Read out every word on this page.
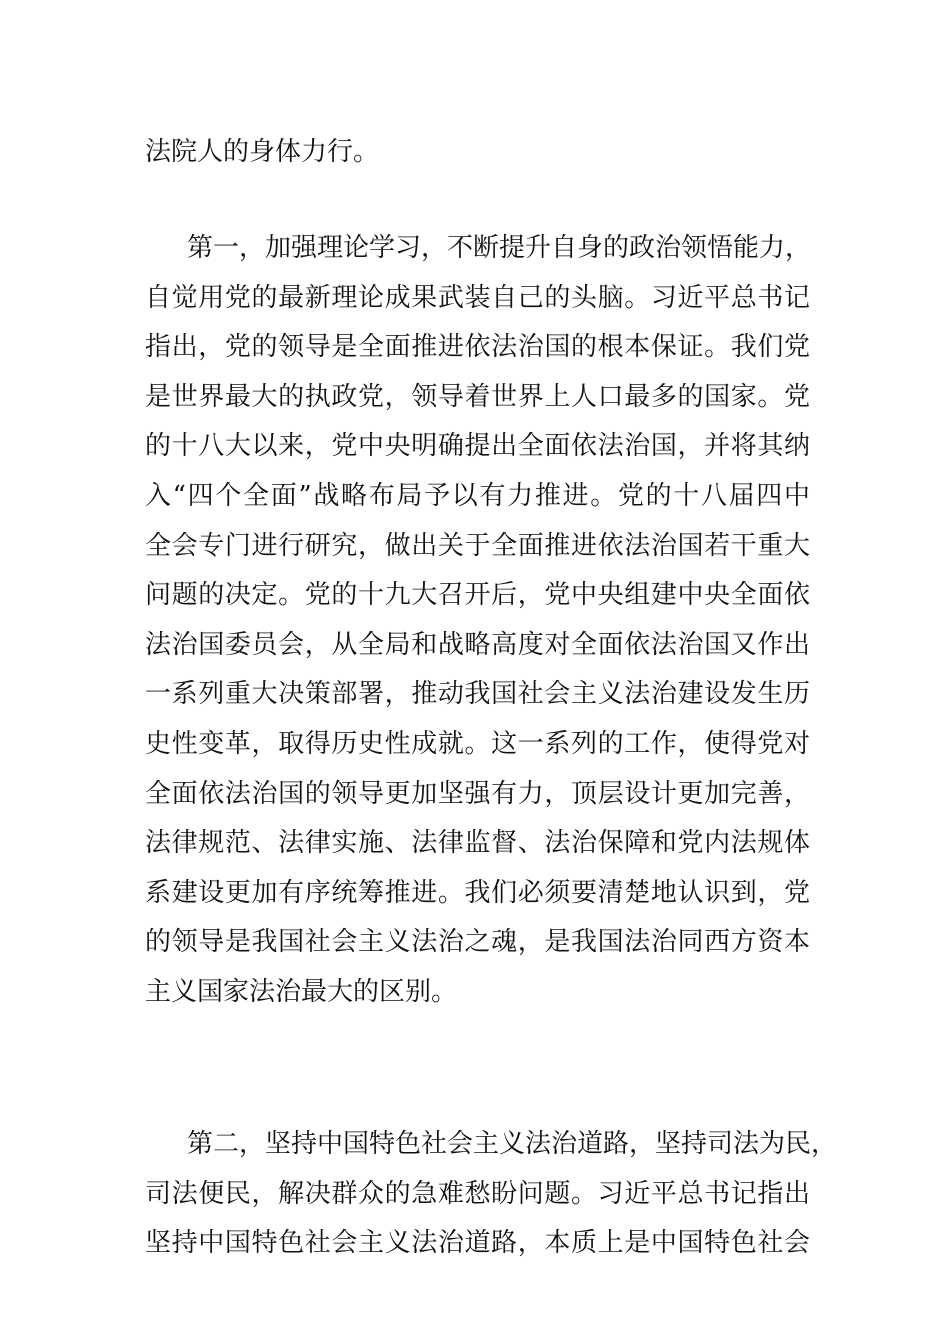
法院人的身体力行。
第一，加强理论学习，不断提升自身的政治领悟能力，
自觉用党的最新理论成果武装自己的头脑。习近平总书记
指出，党的领导是全面推进依法治国的根本保证。我们党
是世界最大的执政党，领导着世界上人口最多的国家。党
的十八大以来，党中央明确提出全面依法治国，并将其纳
入“四个全面”战略布局予以有力推进。党的十八届四中
全会专门进行研究，做出关于全面推进依法治国若干重大
问题的决定。党的十九大召开后，党中央组建中央全面依
法治国委员会，从全局和战略高度对全面依法治国又作出
一系列重大决策部署，推动我国社会主义法治建设发生历
史性变革，取得历史性成就。这一系列的工作，使得党对
全面依法治国的领导更加坚强有力，顶层设计更加完善，
法律规范、法律实施、法律监督、法治保障和党内法规体
系建设更加有序统筹推进。我们必须要清楚地认识到，党
的领导是我国社会主义法治之魂，是我国法治同西方资本
主义国家法治最大的区别。
第二，坚持中国特色社会主义法治道路，坚持司法为民，
司法便民，解决群众的急难愁盼问题。习近平总书记指出
坚持中国特色社会主义法治道路，本质上是中国特色社会
